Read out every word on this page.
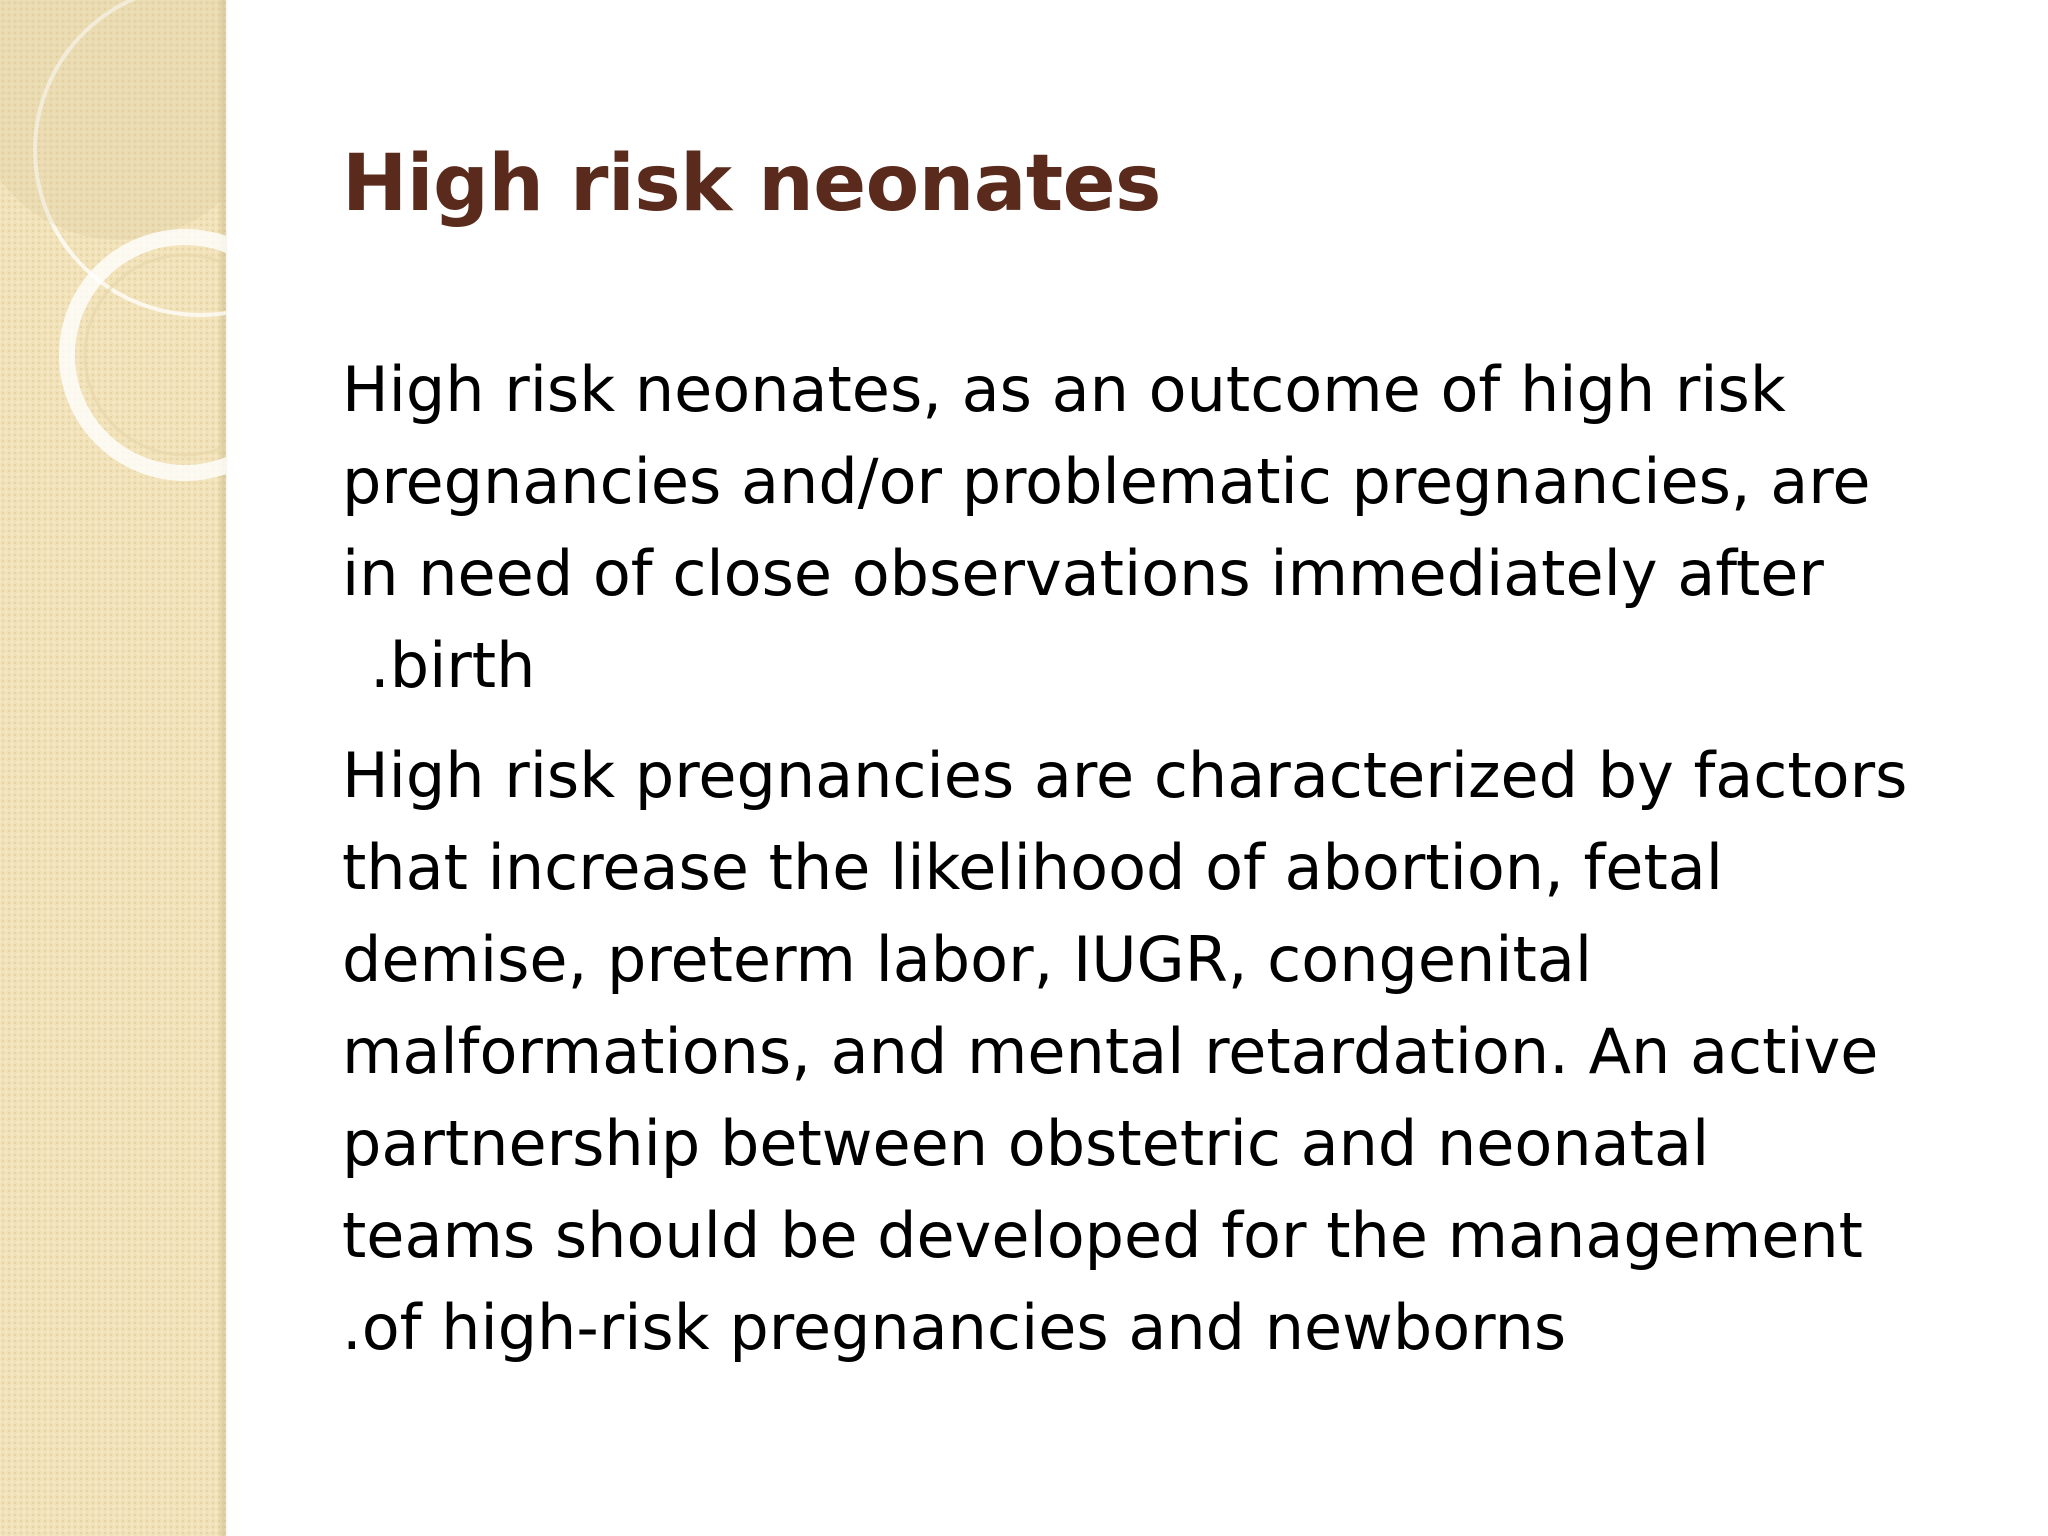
High risk neonates

High risk neonates, as an outcome of high risk
pregnancies and/or problematic pregnancies, are
in need of close observations immediately after
.birth

High risk pregnancies are characterized by factors
that increase the likelihood of abortion, fetal
demise, preterm labor, IUGR, congenital
malformations, and mental retardation. An active
partnership between obstetric and neonatal
teams should be developed for the management
.of high-risk pregnancies and newborns
